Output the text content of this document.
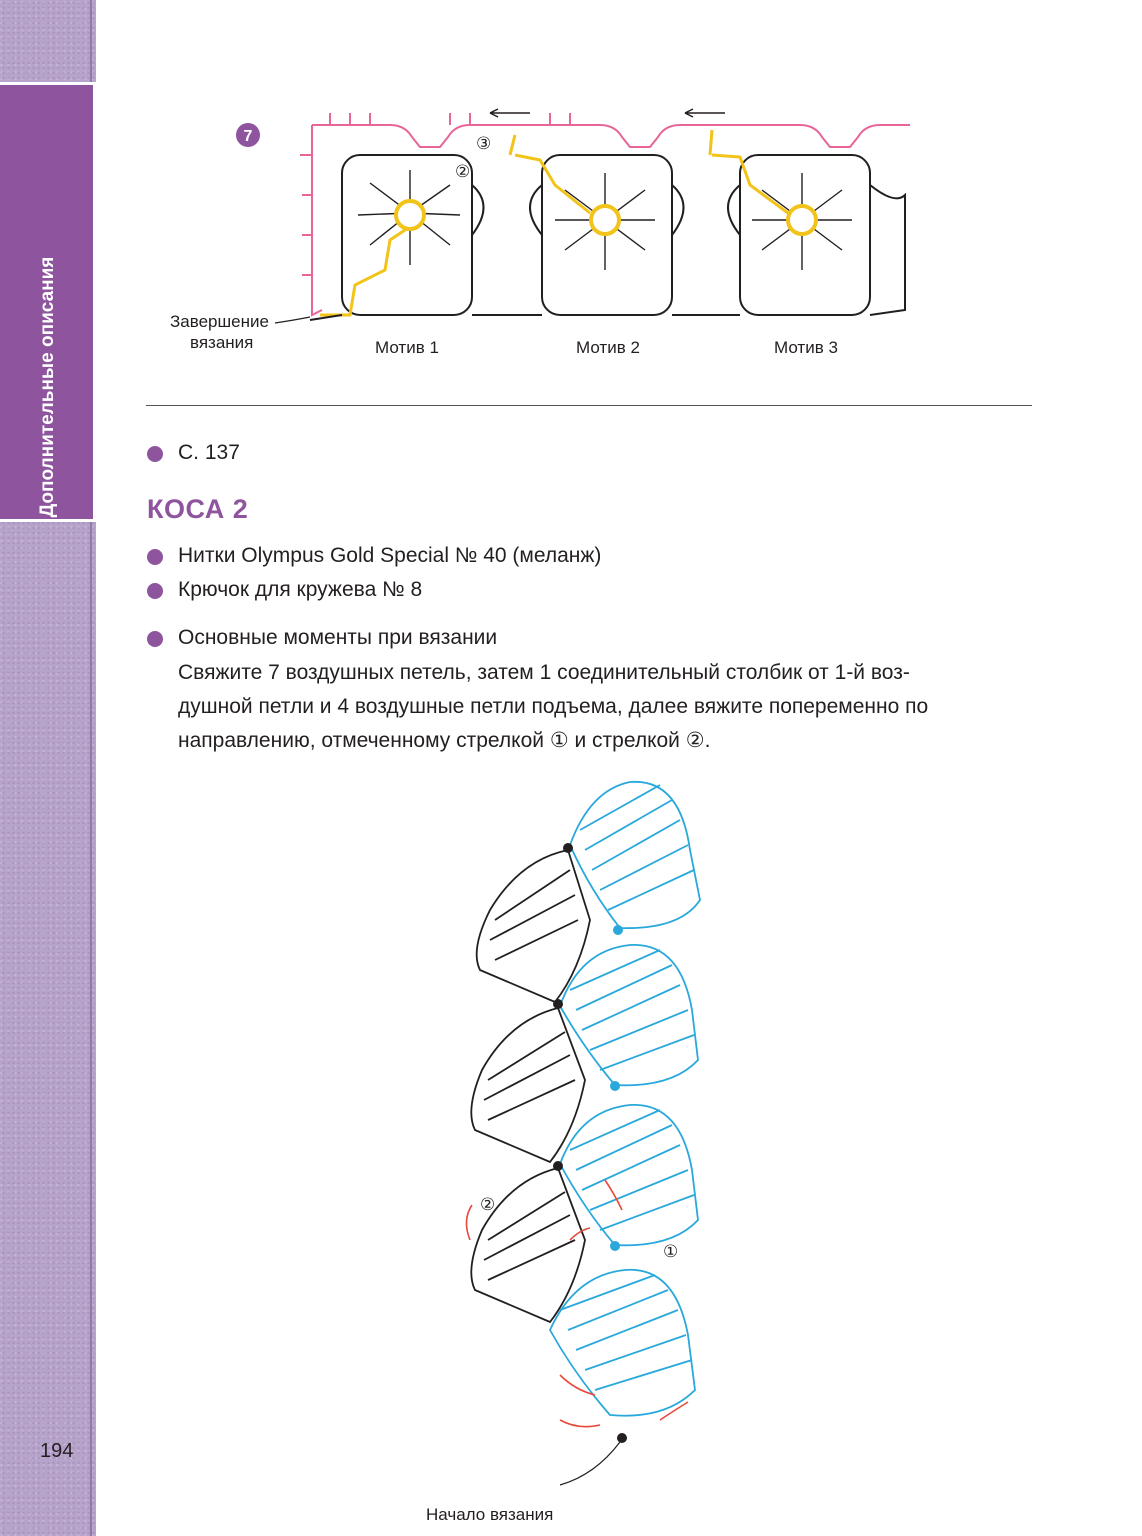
Дополнительные описания
194
7
②
③
Завершение
вязания	Мотив 1	Мотив 2	Мотив 3
С. 137
КОСА 2
Нитки Olympus Gold Special № 40 (меланж)
Крючок для кружева № 8
Основные моменты при вязании
Свяжите 7 воздушных петель, затем 1 соединительный столбик от 1-й воз-
душной петли и 4 воздушные петли подъема, далее вяжите попеременно по
направлению, отмеченному стрелкой ① и стрелкой ②.
②
①
Начало вязания
